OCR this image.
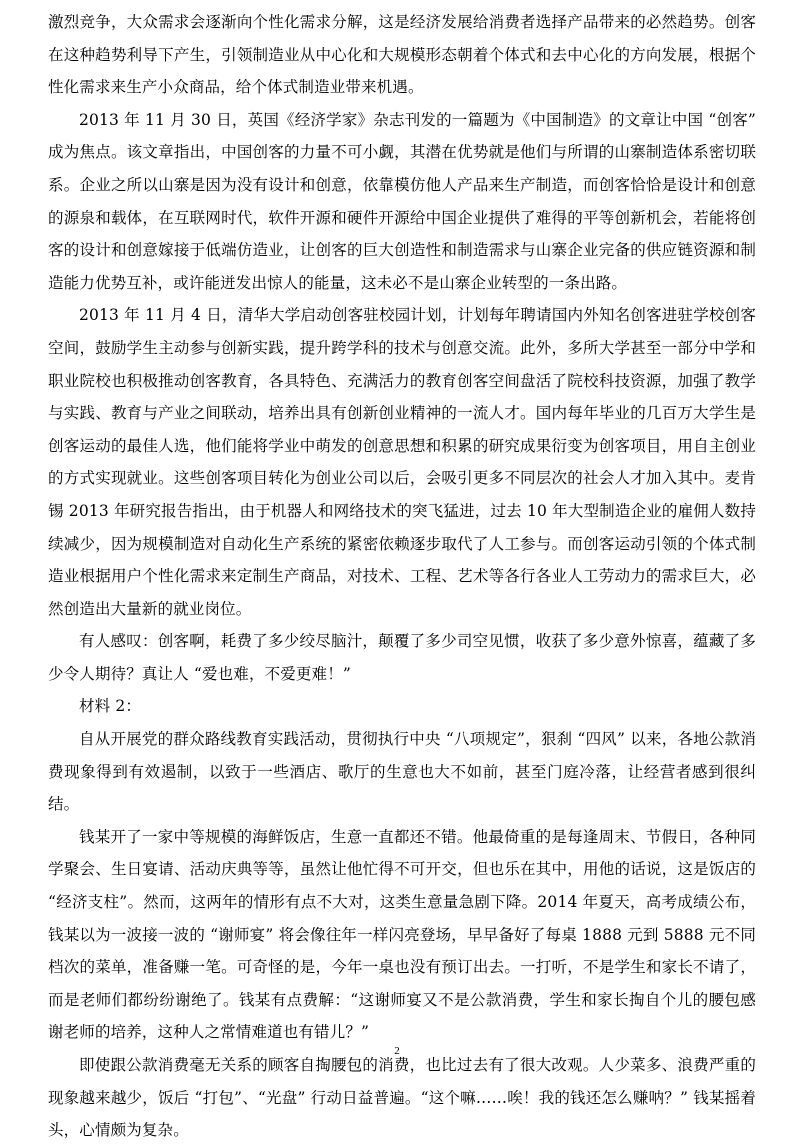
激烈竞争，大众需求会逐渐向个性化需求分解，这是经济发展给消费者选择产品带来的必然趋势。创客在这种趋势利导下产生，引领制造业从中心化和大规模形态朝着个体式和去中心化的方向发展，根据个性化需求来生产小众商品，给个体式制造业带来机遇。

2013 年 11 月 30 日，英国《经济学家》杂志刊发的一篇题为《中国制造》的文章让中国 “创客” 成为焦点。该文章指出，中国创客的力量不可小觑，其潜在优势就是他们与所谓的山寨制造体系密切联系。企业之所以山寨是因为没有设计和创意，依靠模仿他人产品来生产制造，而创客恰恰是设计和创意的源泉和载体，在互联网时代，软件开源和硬件开源给中国企业提供了难得的平等创新机会，若能将创客的设计和创意嫁接于低端仿造业，让创客的巨大创造性和制造需求与山寨企业完备的供应链资源和制造能力优势互补，或许能迸发出惊人的能量，这未必不是山寨企业转型的一条出路。

2013 年 11 月 4 日，清华大学启动创客驻校园计划，计划每年聘请国内外知名创客进驻学校创客空间，鼓励学生主动参与创新实践，提升跨学科的技术与创意交流。此外，多所大学甚至一部分中学和职业院校也积极推动创客教育，各具特色、充满活力的教育创客空间盘活了院校科技资源，加强了教学与实践、教育与产业之间联动，培养出具有创新创业精神的一流人才。国内每年毕业的几百万大学生是创客运动的最佳人选，他们能将学业中萌发的创意思想和积累的研究成果衍变为创客项目，用自主创业的方式实现就业。这些创客项目转化为创业公司以后，会吸引更多不同层次的社会人才加入其中。麦肯锡 2013 年研究报告指出，由于机器人和网络技术的突飞猛进，过去 10 年大型制造企业的雇佣人数持续减少，因为规模制造对自动化生产系统的紧密依赖逐步取代了人工参与。而创客运动引领的个体式制造业根据用户个性化需求来定制生产商品，对技术、工程、艺术等各行各业人工劳动力的需求巨大，必然创造出大量新的就业岗位。

有人感叹：创客啊，耗费了多少绞尽脑汁，颠覆了多少司空见惯，收获了多少意外惊喜，蕴藏了多少令人期待？真让人 “爱也难，不爱更难！”

材料 2：

自从开展党的群众路线教育实践活动，贯彻执行中央 “八项规定”，狠刹 “四风” 以来，各地公款消费现象得到有效遏制，以致于一些酒店、歌厅的生意也大不如前，甚至门庭冷落，让经营者感到很纠结。

钱某开了一家中等规模的海鲜饭店，生意一直都还不错。他最倚重的是每逢周末、节假日，各种同学聚会、生日宴请、活动庆典等等，虽然让他忙得不可开交，但也乐在其中，用他的话说，这是饭店的 “经济支柱”。然而，这两年的情形有点不大对，这类生意量急剧下降。2014 年夏天，高考成绩公布，钱某以为一波接一波的 “谢师宴” 将会像往年一样闪亮登场，早早备好了每桌 1888 元到 5888 元不同档次的菜单，准备赚一笔。可奇怪的是，今年一桌也没有预订出去。一打听，不是学生和家长不请了，而是老师们都纷纷谢绝了。钱某有点费解：“这谢师宴又不是公款消费，学生和家长掏自个儿的腰包感谢老师的培养，这种人之常情难道也有错儿？”

即使跟公款消费毫无关系的顾客自掏腰包的消费，也比过去有了很大改观。人少菜多、浪费严重的现象越来越少，饭后 “打包”、“光盘” 行动日益普遍。“这个嘛……唉！我的钱还怎么赚呐？” 钱某摇着头，心情颇为复杂。

2
